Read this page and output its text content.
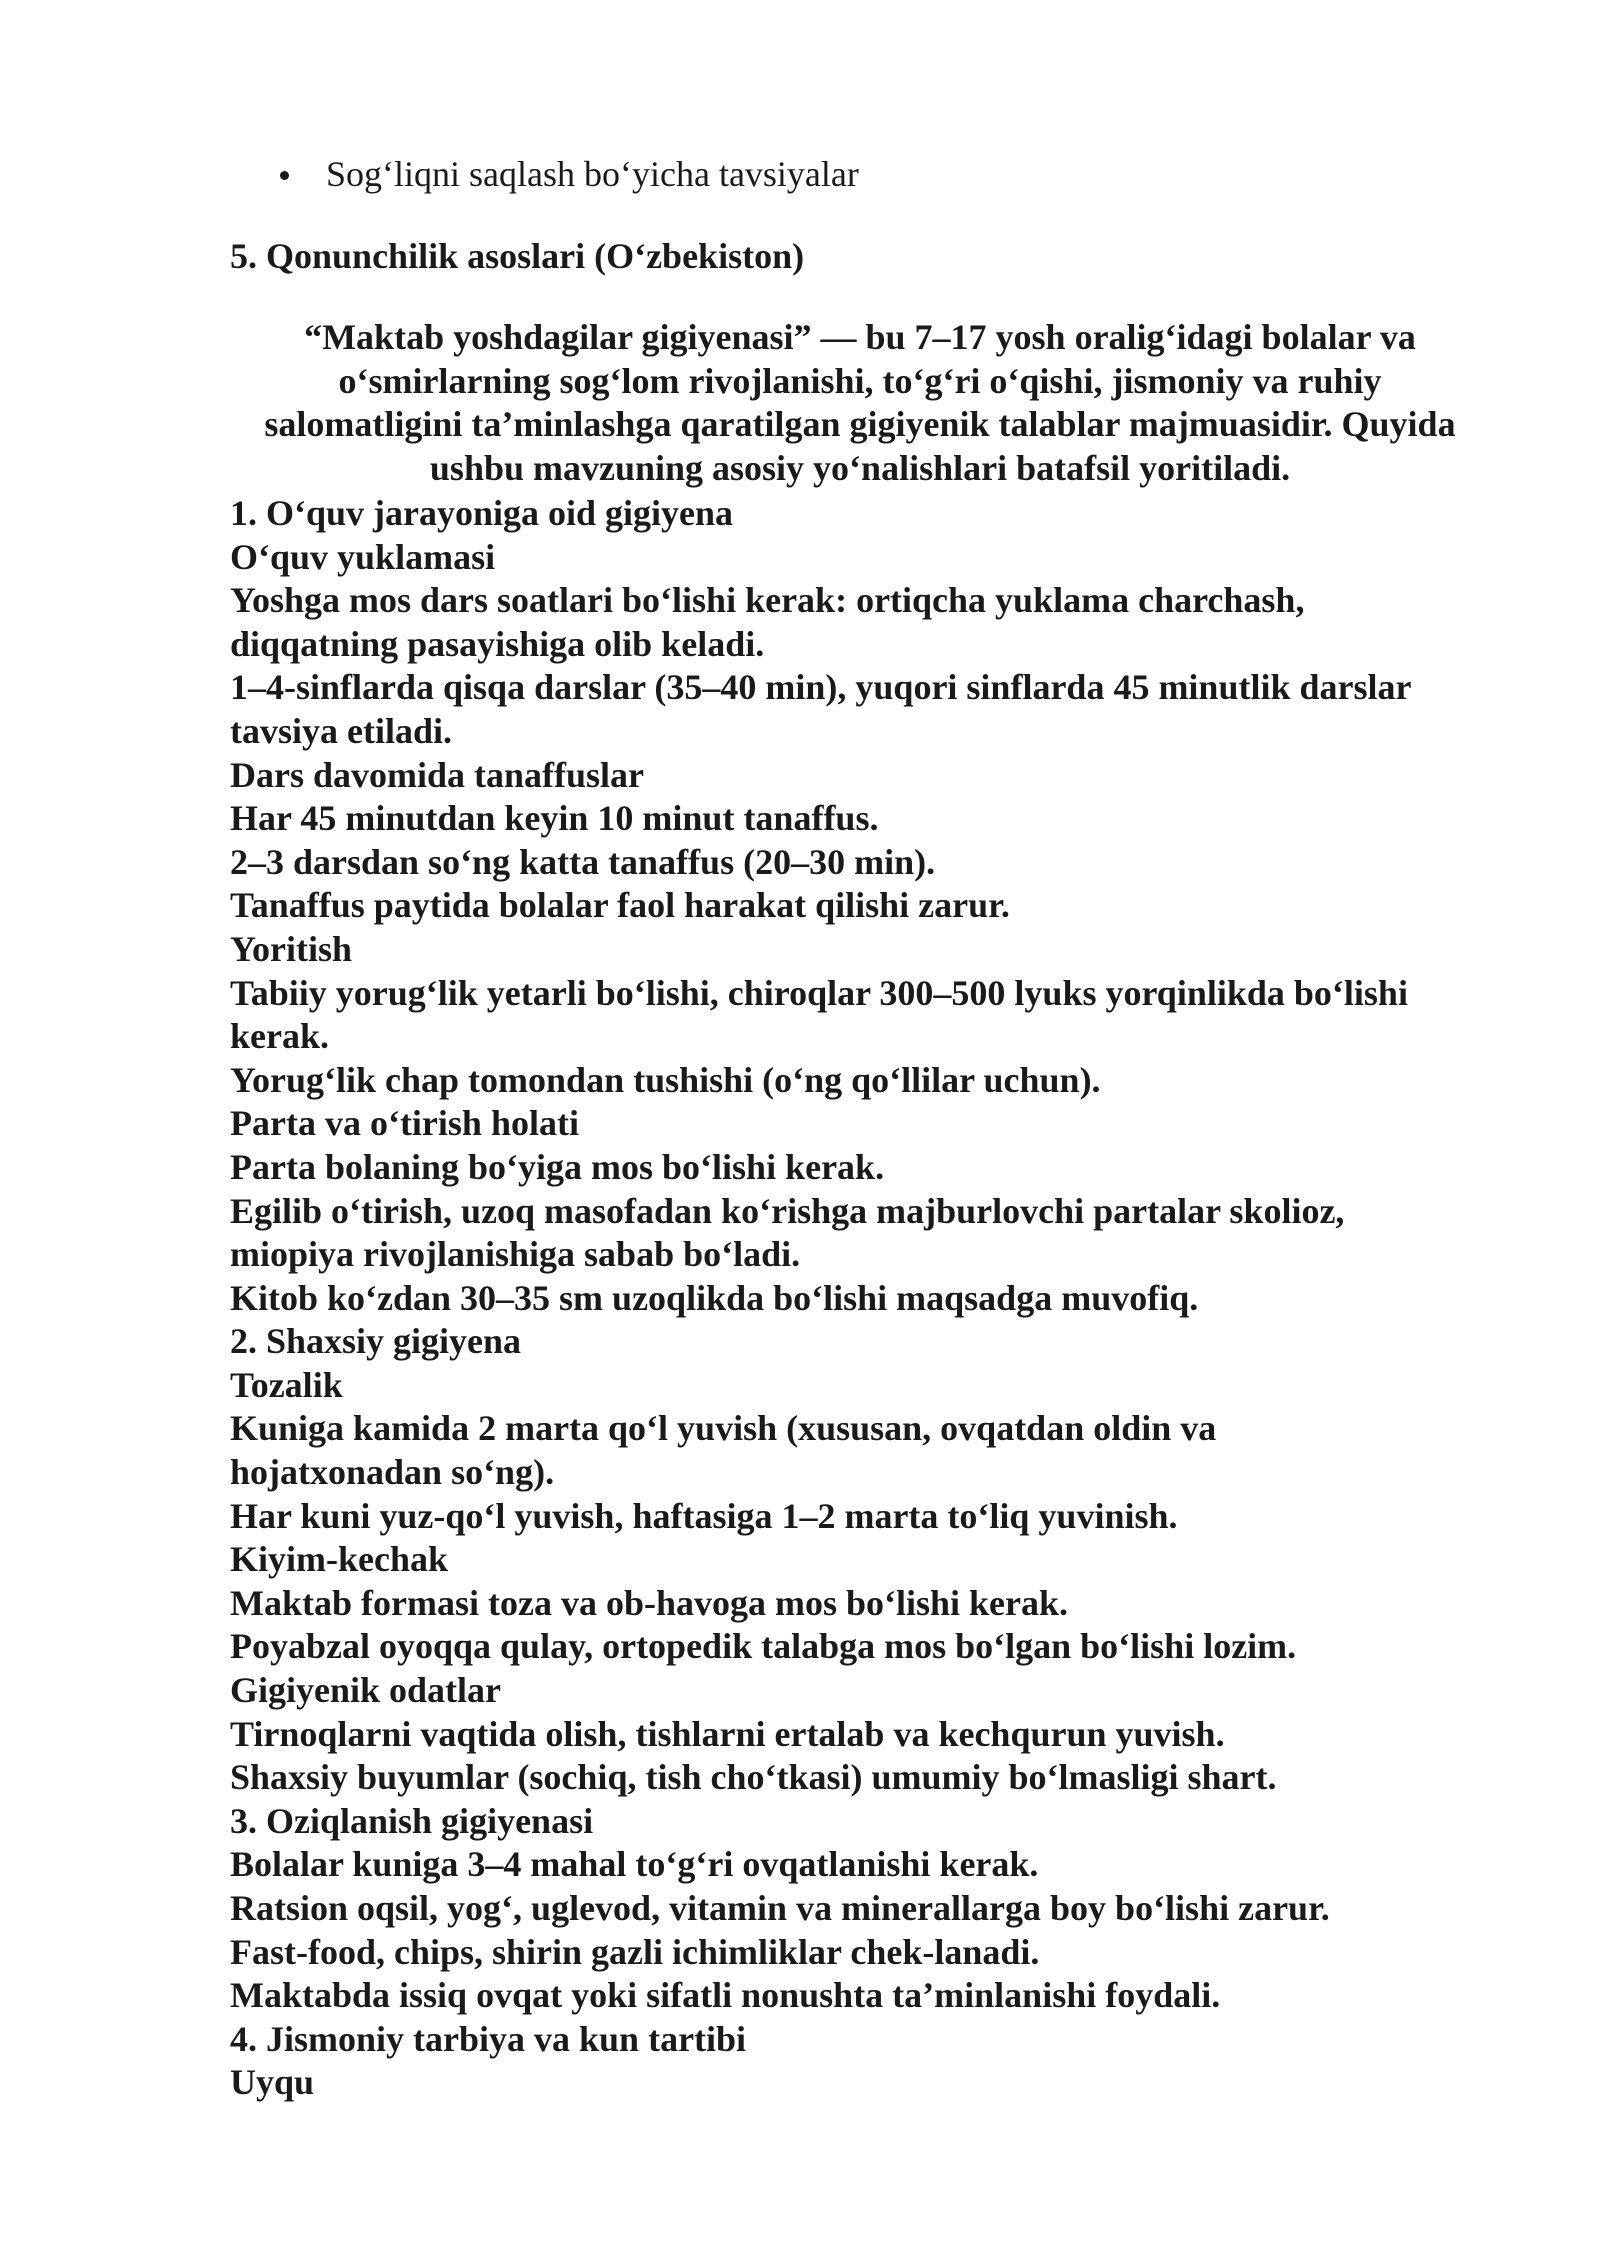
Sog‘liqni saqlash bo‘yicha tavsiyalar
5. Qonunchilik asoslari (O‘zbekiston)
“Maktab yoshdagilar gigiyenasi” — bu 7–17 yosh oralig‘idagi bolalar va
o‘smirlarning sog‘lom rivojlanishi, to‘g‘ri o‘qishi, jismoniy va ruhiy
salomatligini ta’minlashga qaratilgan gigiyenik talablar majmuasidir. Quyida
ushbu mavzuning asosiy yo‘nalishlari batafsil yoritiladi.
1. O‘quv jarayoniga oid gigiyena
O‘quv yuklamasi
Yoshga mos dars soatlari bo‘lishi kerak: ortiqcha yuklama charchash,
diqqatning pasayishiga olib keladi.
1–4-sinflarda qisqa darslar (35–40 min), yuqori sinflarda 45 minutlik darslar
tavsiya etiladi.
Dars davomida tanaffuslar
Har 45 minutdan keyin 10 minut tanaffus.
2–3 darsdan so‘ng katta tanaffus (20–30 min).
Tanaffus paytida bolalar faol harakat qilishi zarur.
Yoritish
Tabiiy yorug‘lik yetarli bo‘lishi, chiroqlar 300–500 lyuks yorqinlikda bo‘lishi
kerak.
Yorug‘lik chap tomondan tushishi (o‘ng qo‘llilar uchun).
Parta va o‘tirish holati
Parta bolaning bo‘yiga mos bo‘lishi kerak.
Egilib o‘tirish, uzoq masofadan ko‘rishga majburlovchi partalar skolioz,
miopiya rivojlanishiga sabab bo‘ladi.
Kitob ko‘zdan 30–35 sm uzoqlikda bo‘lishi maqsadga muvofiq.
2. Shaxsiy gigiyena
Tozalik
Kuniga kamida 2 marta qo‘l yuvish (xususan, ovqatdan oldin va
hojatxonadan so‘ng).
Har kuni yuz-qo‘l yuvish, haftasiga 1–2 marta to‘liq yuvinish.
Kiyim-kechak
Maktab formasi toza va ob-havoga mos bo‘lishi kerak.
Poyabzal oyoqqa qulay, ortopedik talabga mos bo‘lgan bo‘lishi lozim.
Gigiyenik odatlar
Tirnoqlarni vaqtida olish, tishlarni ertalab va kechqurun yuvish.
Shaxsiy buyumlar (sochiq, tish cho‘tkasi) umumiy bo‘lmasligi shart.
3. Oziqlanish gigiyenasi
Bolalar kuniga 3–4 mahal to‘g‘ri ovqatlanishi kerak.
Ratsion oqsil, yog‘, uglevod, vitamin va minerallarga boy bo‘lishi zarur.
Fast-food, chips, shirin gazli ichimliklar chek-lanadi.
Maktabda issiq ovqat yoki sifatli nonushta ta’minlanishi foydali.
4. Jismoniy tarbiya va kun tartibi
Uyqu
